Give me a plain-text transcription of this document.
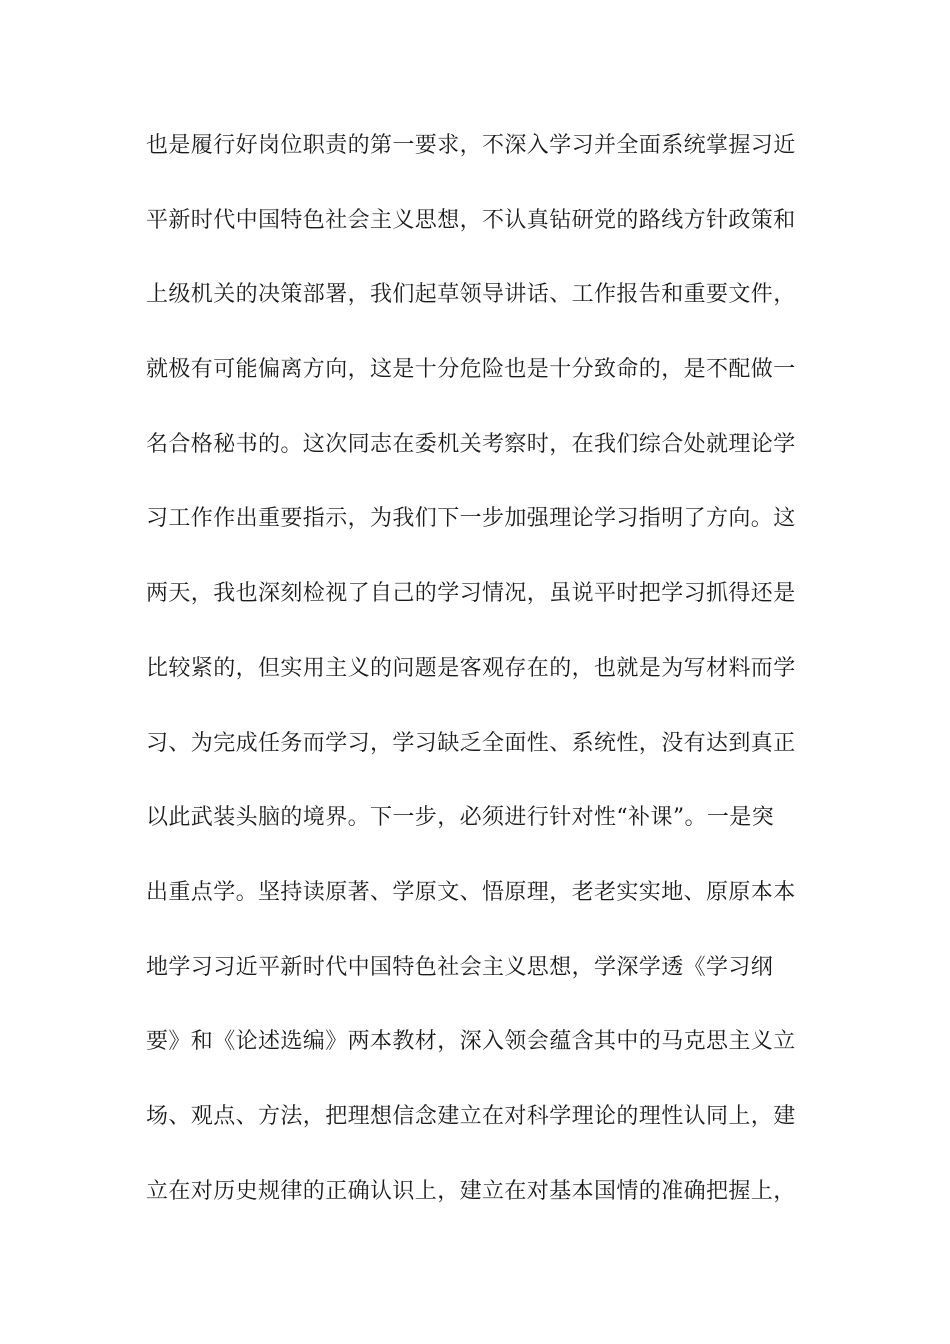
也是履行好岗位职责的第一要求，不深入学习并全面系统掌握习近
平新时代中国特色社会主义思想，不认真钻研党的路线方针政策和
上级机关的决策部署，我们起草领导讲话、工作报告和重要文件，
就极有可能偏离方向，这是十分危险也是十分致命的，是不配做一
名合格秘书的。这次同志在委机关考察时，在我们综合处就理论学
习工作作出重要指示，为我们下一步加强理论学习指明了方向。这
两天，我也深刻检视了自己的学习情况，虽说平时把学习抓得还是
比较紧的，但实用主义的问题是客观存在的，也就是为写材料而学
习、为完成任务而学习，学习缺乏全面性、系统性，没有达到真正
以此武装头脑的境界。下一步，必须进行针对性“补课”。一是突
出重点学。坚持读原著、学原文、悟原理，老老实实地、原原本本
地学习习近平新时代中国特色社会主义思想，学深学透《学习纲
要》和《论述选编》两本教材，深入领会蕴含其中的马克思主义立
场、观点、方法，把理想信念建立在对科学理论的理性认同上，建
立在对历史规律的正确认识上，建立在对基本国情的准确把握上，
